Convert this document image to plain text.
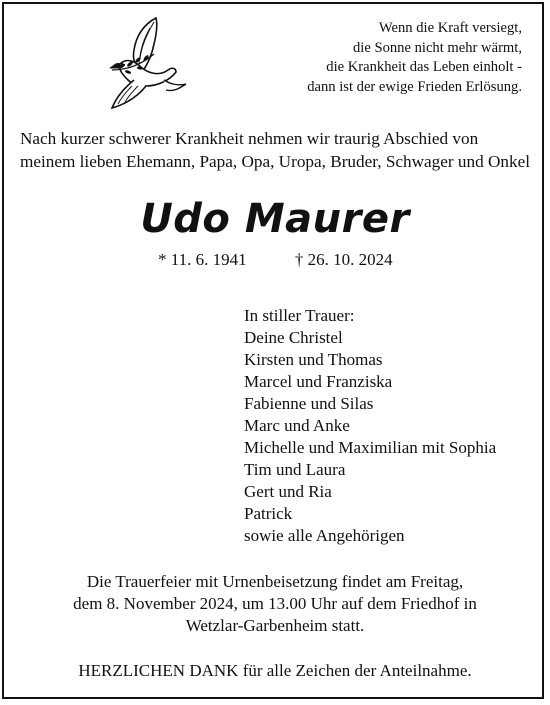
Wenn die Kraft versiegt,
die Sonne nicht mehr wärmt,
die Krankheit das Leben einholt -
dann ist der ewige Frieden Erlösung.
Nach kurzer schwerer Krankheit nehmen wir traurig Abschied von meinem lieben Ehemann, Papa, Opa, Uropa, Bruder, Schwager und Onkel
Udo Maurer
* 11. 6. 1941	† 26. 10. 2024
In stiller Trauer:
Deine Christel
Kirsten und Thomas
Marcel und Franziska
Fabienne und Silas
Marc und Anke
Michelle und Maximilian mit Sophia
Tim und Laura
Gert und Ria
Patrick
sowie alle Angehörigen
Die Trauerfeier mit Urnenbeisetzung findet am Freitag,
dem 8. November 2024, um 13.00 Uhr auf dem Friedhof in
Wetzlar-Garbenheim statt.
HERZLICHEN DANK für alle Zeichen der Anteilnahme.
